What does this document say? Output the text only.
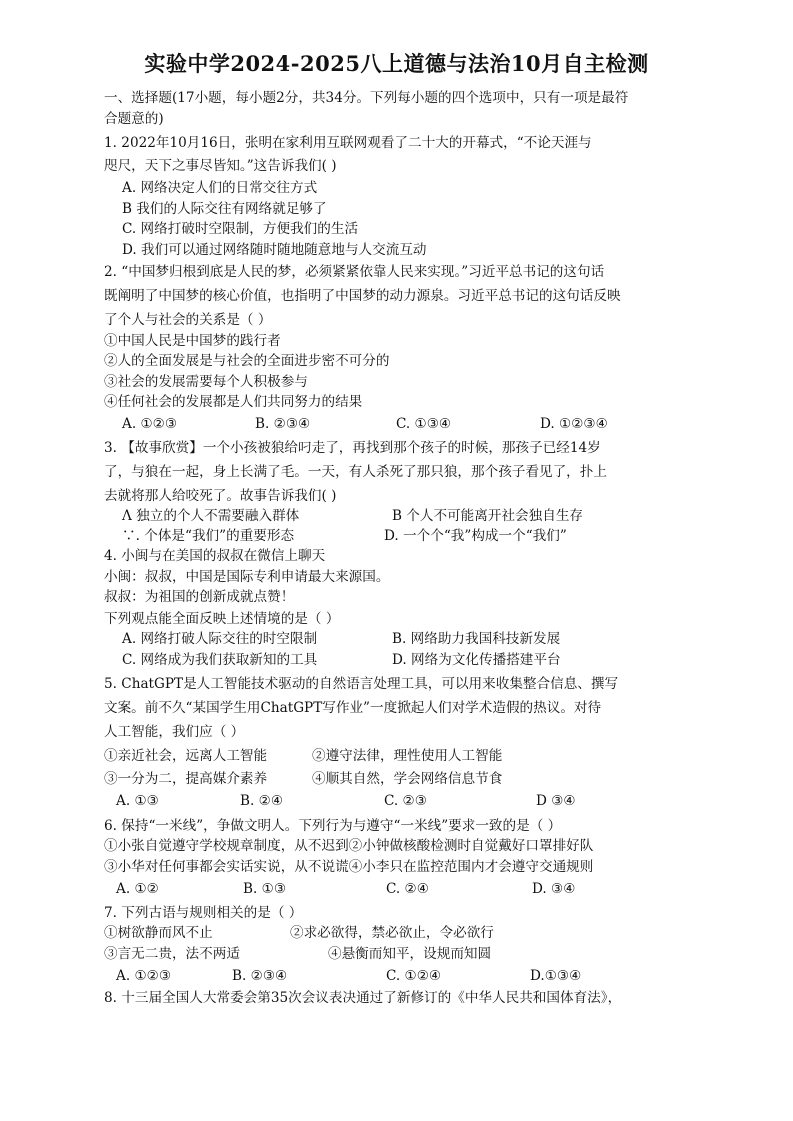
实验中学2024-2025八上道德与法治10月自主检测
一、选择题(17小题，每小题2分，共34分。下列每小题的四个选项中，只有一项是最符
合题意的)
1. 2022年10月16日，张明在家利用互联网观看了二十大的开幕式，“不论天涯与
咫尺，天下之事尽皆知。”这告诉我们( )
A. 网络决定人们的日常交往方式
B 我们的人际交往有网络就足够了
C. 网络打破时空限制，方便我们的生活
D. 我们可以通过网络随时随地随意地与人交流互动
2. “中国梦归根到底是人民的梦，必须紧紧依靠人民来实现。”习近平总书记的这句话
既阐明了中国梦的核心价值，也指明了中国梦的动力源泉。习近平总书记的这句话反映
了个人与社会的关系是（ ）
①中国人民是中国梦的践行者
②人的全面发展是与社会的全面进步密不可分的
③社会的发展需要每个人积极参与
④任何社会的发展都是人们共同努力的结果
A. ①②③	B. ②③④	C. ①③④	D. ①②③④
3. 【故事欣赏】一个小孩被狼给叼走了，再找到那个孩子的时候，那孩子已经14岁
了，与狼在一起，身上长满了毛。一天，有人杀死了那只狼，那个孩子看见了，扑上
去就将那人给咬死了。故事告诉我们( )
Λ 独立的个人不需要融入群体	B 个人不可能离开社会独自生存
∵. 个体是“我们”的重要形态	D. 一个个“我”构成一个“我们”
4. 小闽与在美国的叔叔在微信上聊天
小闽：叔叔，中国是国际专利申请最大来源国。
叔叔：为祖国的创新成就点赞！
下列观点能全面反映上述情境的是（ ）
A. 网络打破人际交往的时空限制	B. 网络助力我国科技新发展
C. 网络成为我们获取新知的工具	D. 网络为文化传播搭建平台
5. ChatGPT是人工智能技术驱动的自然语言处理工具，可以用来收集整合信息、撰写
文案。前不久“某国学生用ChatGPT写作业”一度掀起人们对学术造假的热议。对待
人工智能，我们应（ ）
①亲近社会，远离人工智能	②遵守法律，理性使用人工智能
③一分为二，提高媒介素养	④顺其自然，学会网络信息节食
A. ①③	B. ②④	C. ②③	D ③④
6. 保持“一米线”，争做文明人。下列行为与遵守“一米线”要求一致的是（ ）
①小张自觉遵守学校规章制度，从不迟到②小钟做核酸检测时自觉戴好口罩排好队
③小华对任何事都会实话实说，从不说谎④小李只在监控范围内才会遵守交通规则
A. ①②	B. ①③	C. ②④	D. ③④
7. 下列古语与规则相关的是（ ）
①树欲静而风不止	②求必欲得，禁必欲止，令必欲行
③言无二贵，法不两适	④悬衡而知平，设规而知圆
A. ①②③	B. ②③④	C. ①②④	D.①③④
8. 十三届全国人大常委会第35次会议表决通过了新修订的《中华人民共和国体育法》，
